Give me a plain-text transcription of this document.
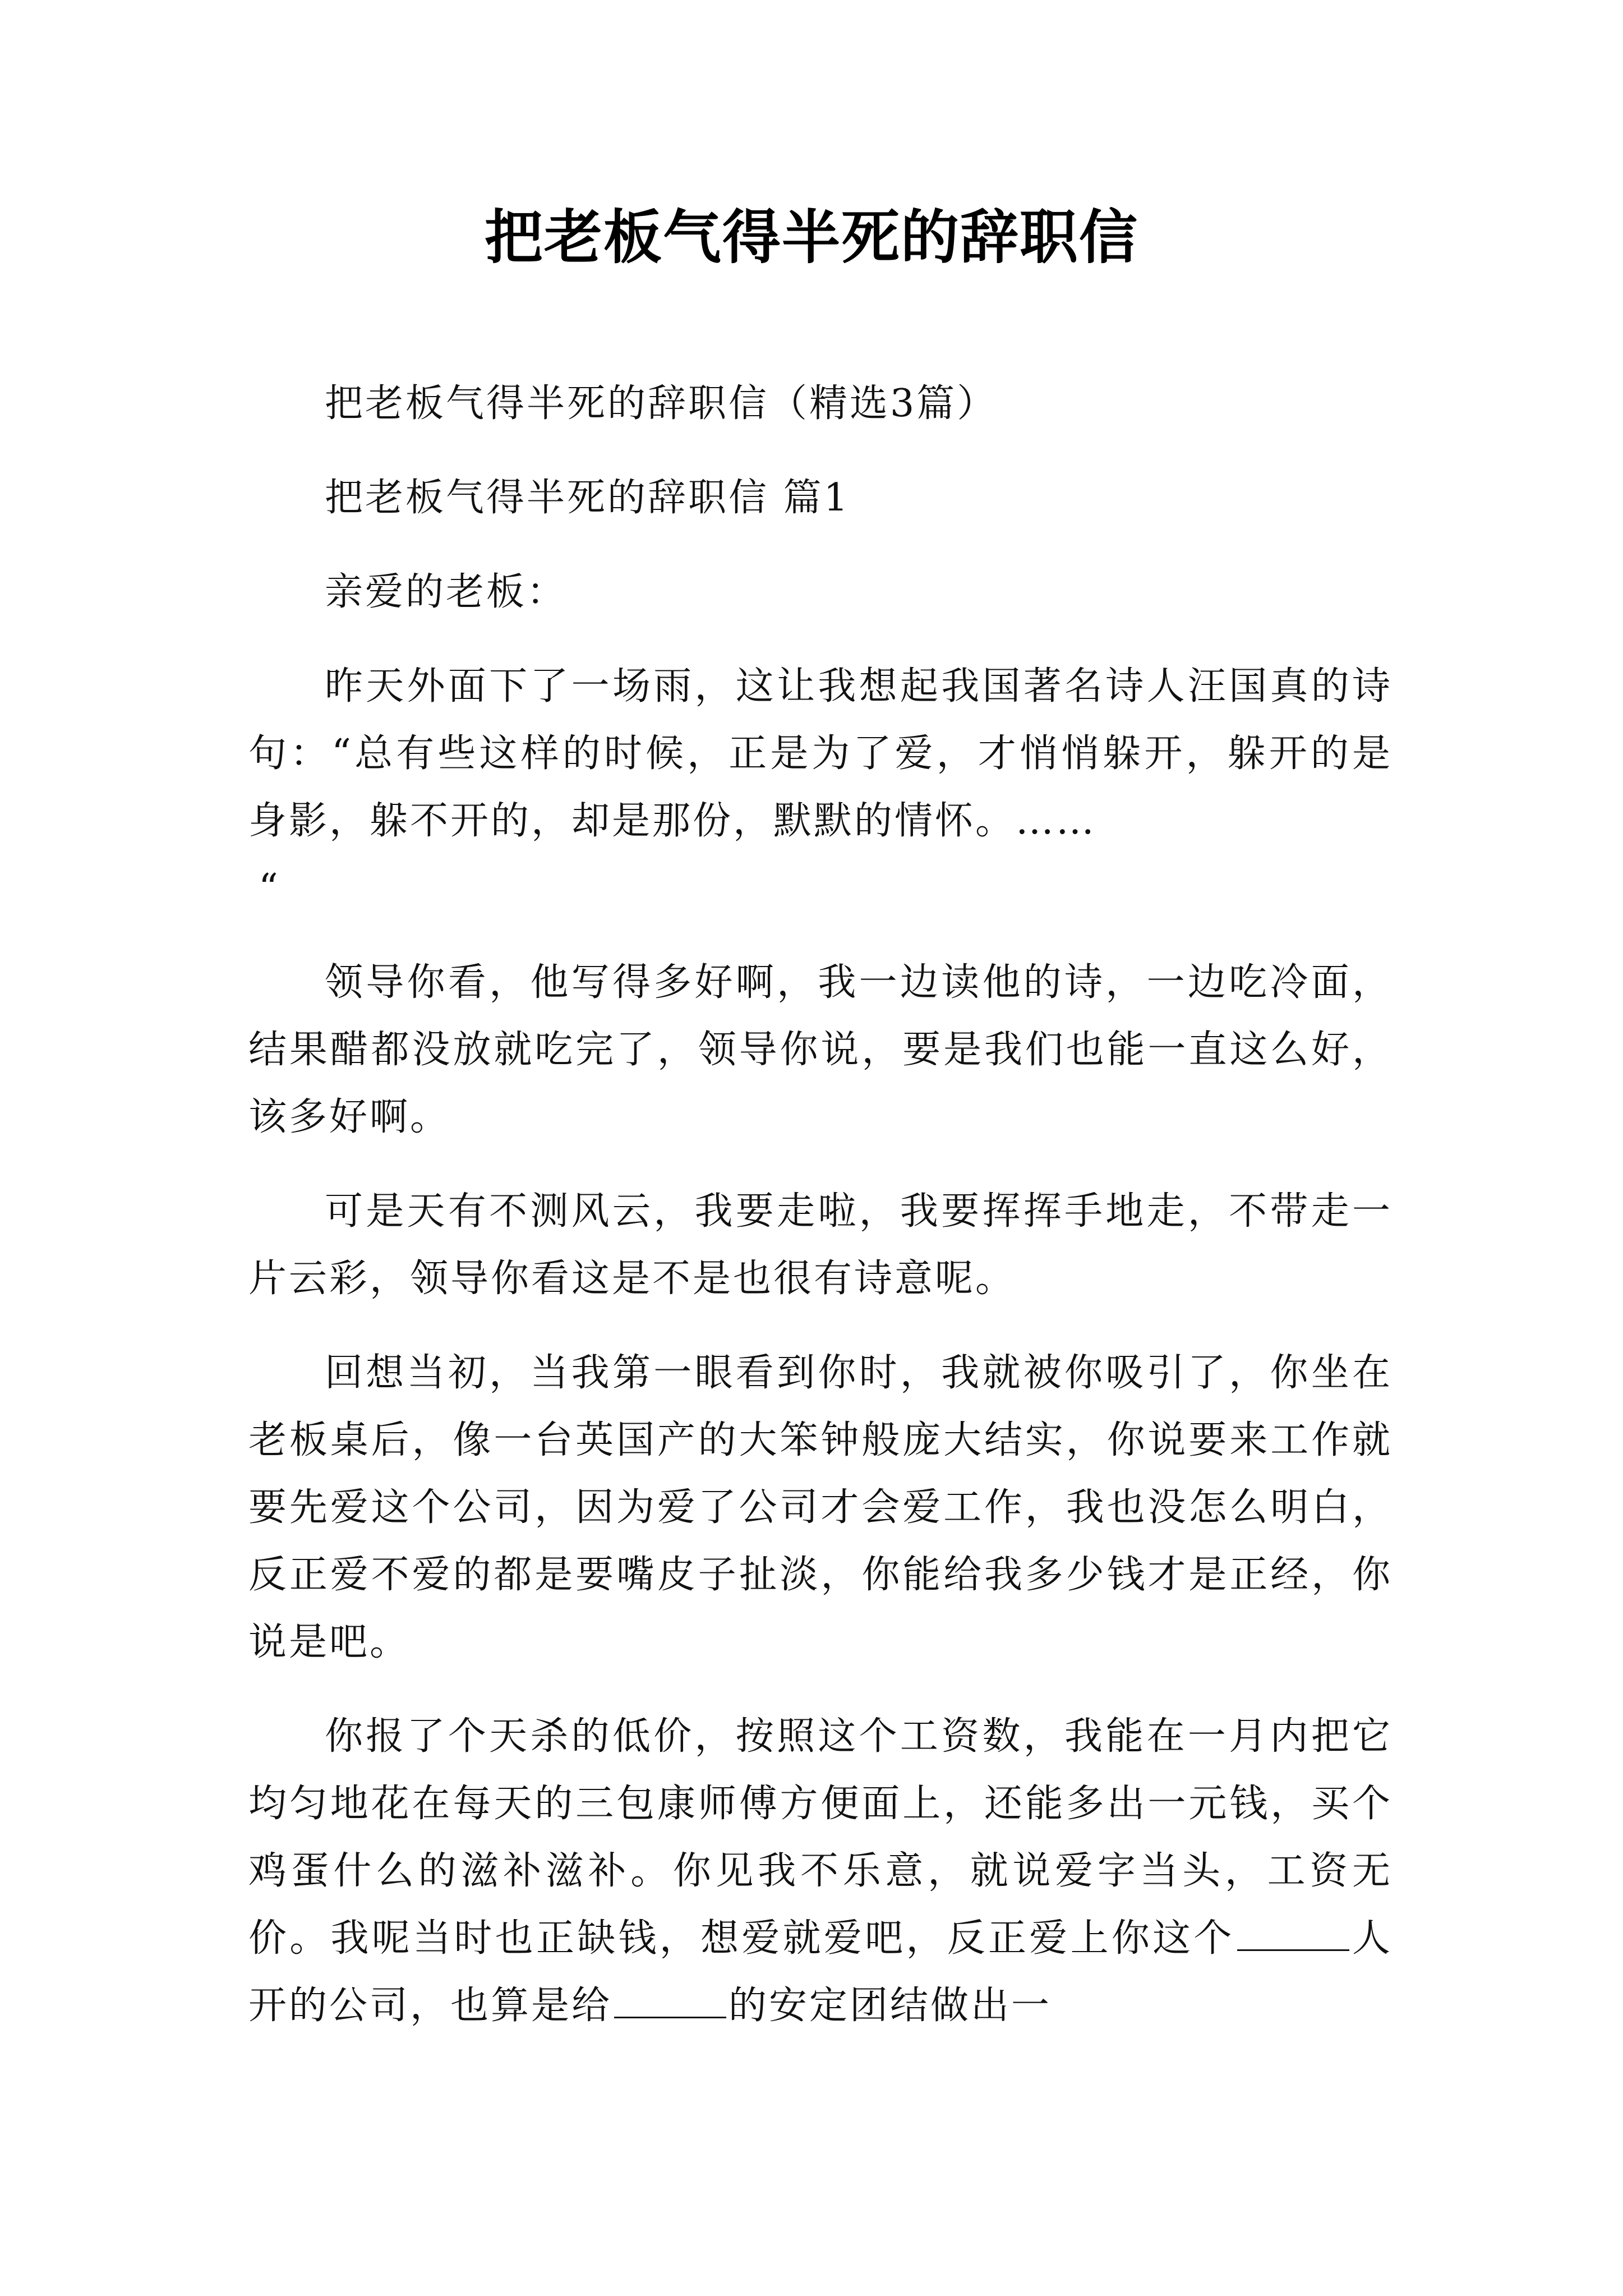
把老板气得半死的辞职信

把老板气得半死的辞职信（精选3篇）

把老板气得半死的辞职信 篇1

亲爱的老板：

昨天外面下了一场雨，这让我想起我国著名诗人汪国真的诗句：“总有些这样的时候，正是为了爱，才悄悄躲开，躲开的是身影，躲不开的，却是那份，默默的情怀。……

“

领导你看，他写得多好啊，我一边读他的诗，一边吃冷面，结果醋都没放就吃完了，领导你说，要是我们也能一直这么好，该多好啊。

可是天有不测风云，我要走啦，我要挥挥手地走，不带走一片云彩，领导你看这是不是也很有诗意呢。

回想当初，当我第一眼看到你时，我就被你吸引了，你坐在老板桌后，像一台英国产的大笨钟般庞大结实，你说要来工作就要先爱这个公司，因为爱了公司才会爱工作，我也没怎么明白，反正爱不爱的都是要嘴皮子扯淡，你能给我多少钱才是正经，你说是吧。

你报了个天杀的低价，按照这个工资数，我能在一月内把它均匀地花在每天的三包康师傅方便面上，还能多出一元钱，买个鸡蛋什么的滋补滋补。你见我不乐意，就说爱字当头，工资无价。我呢当时也正缺钱，想爱就爱吧，反正爱上你这个	人开的公司，也算是给	的安定团结做出一
